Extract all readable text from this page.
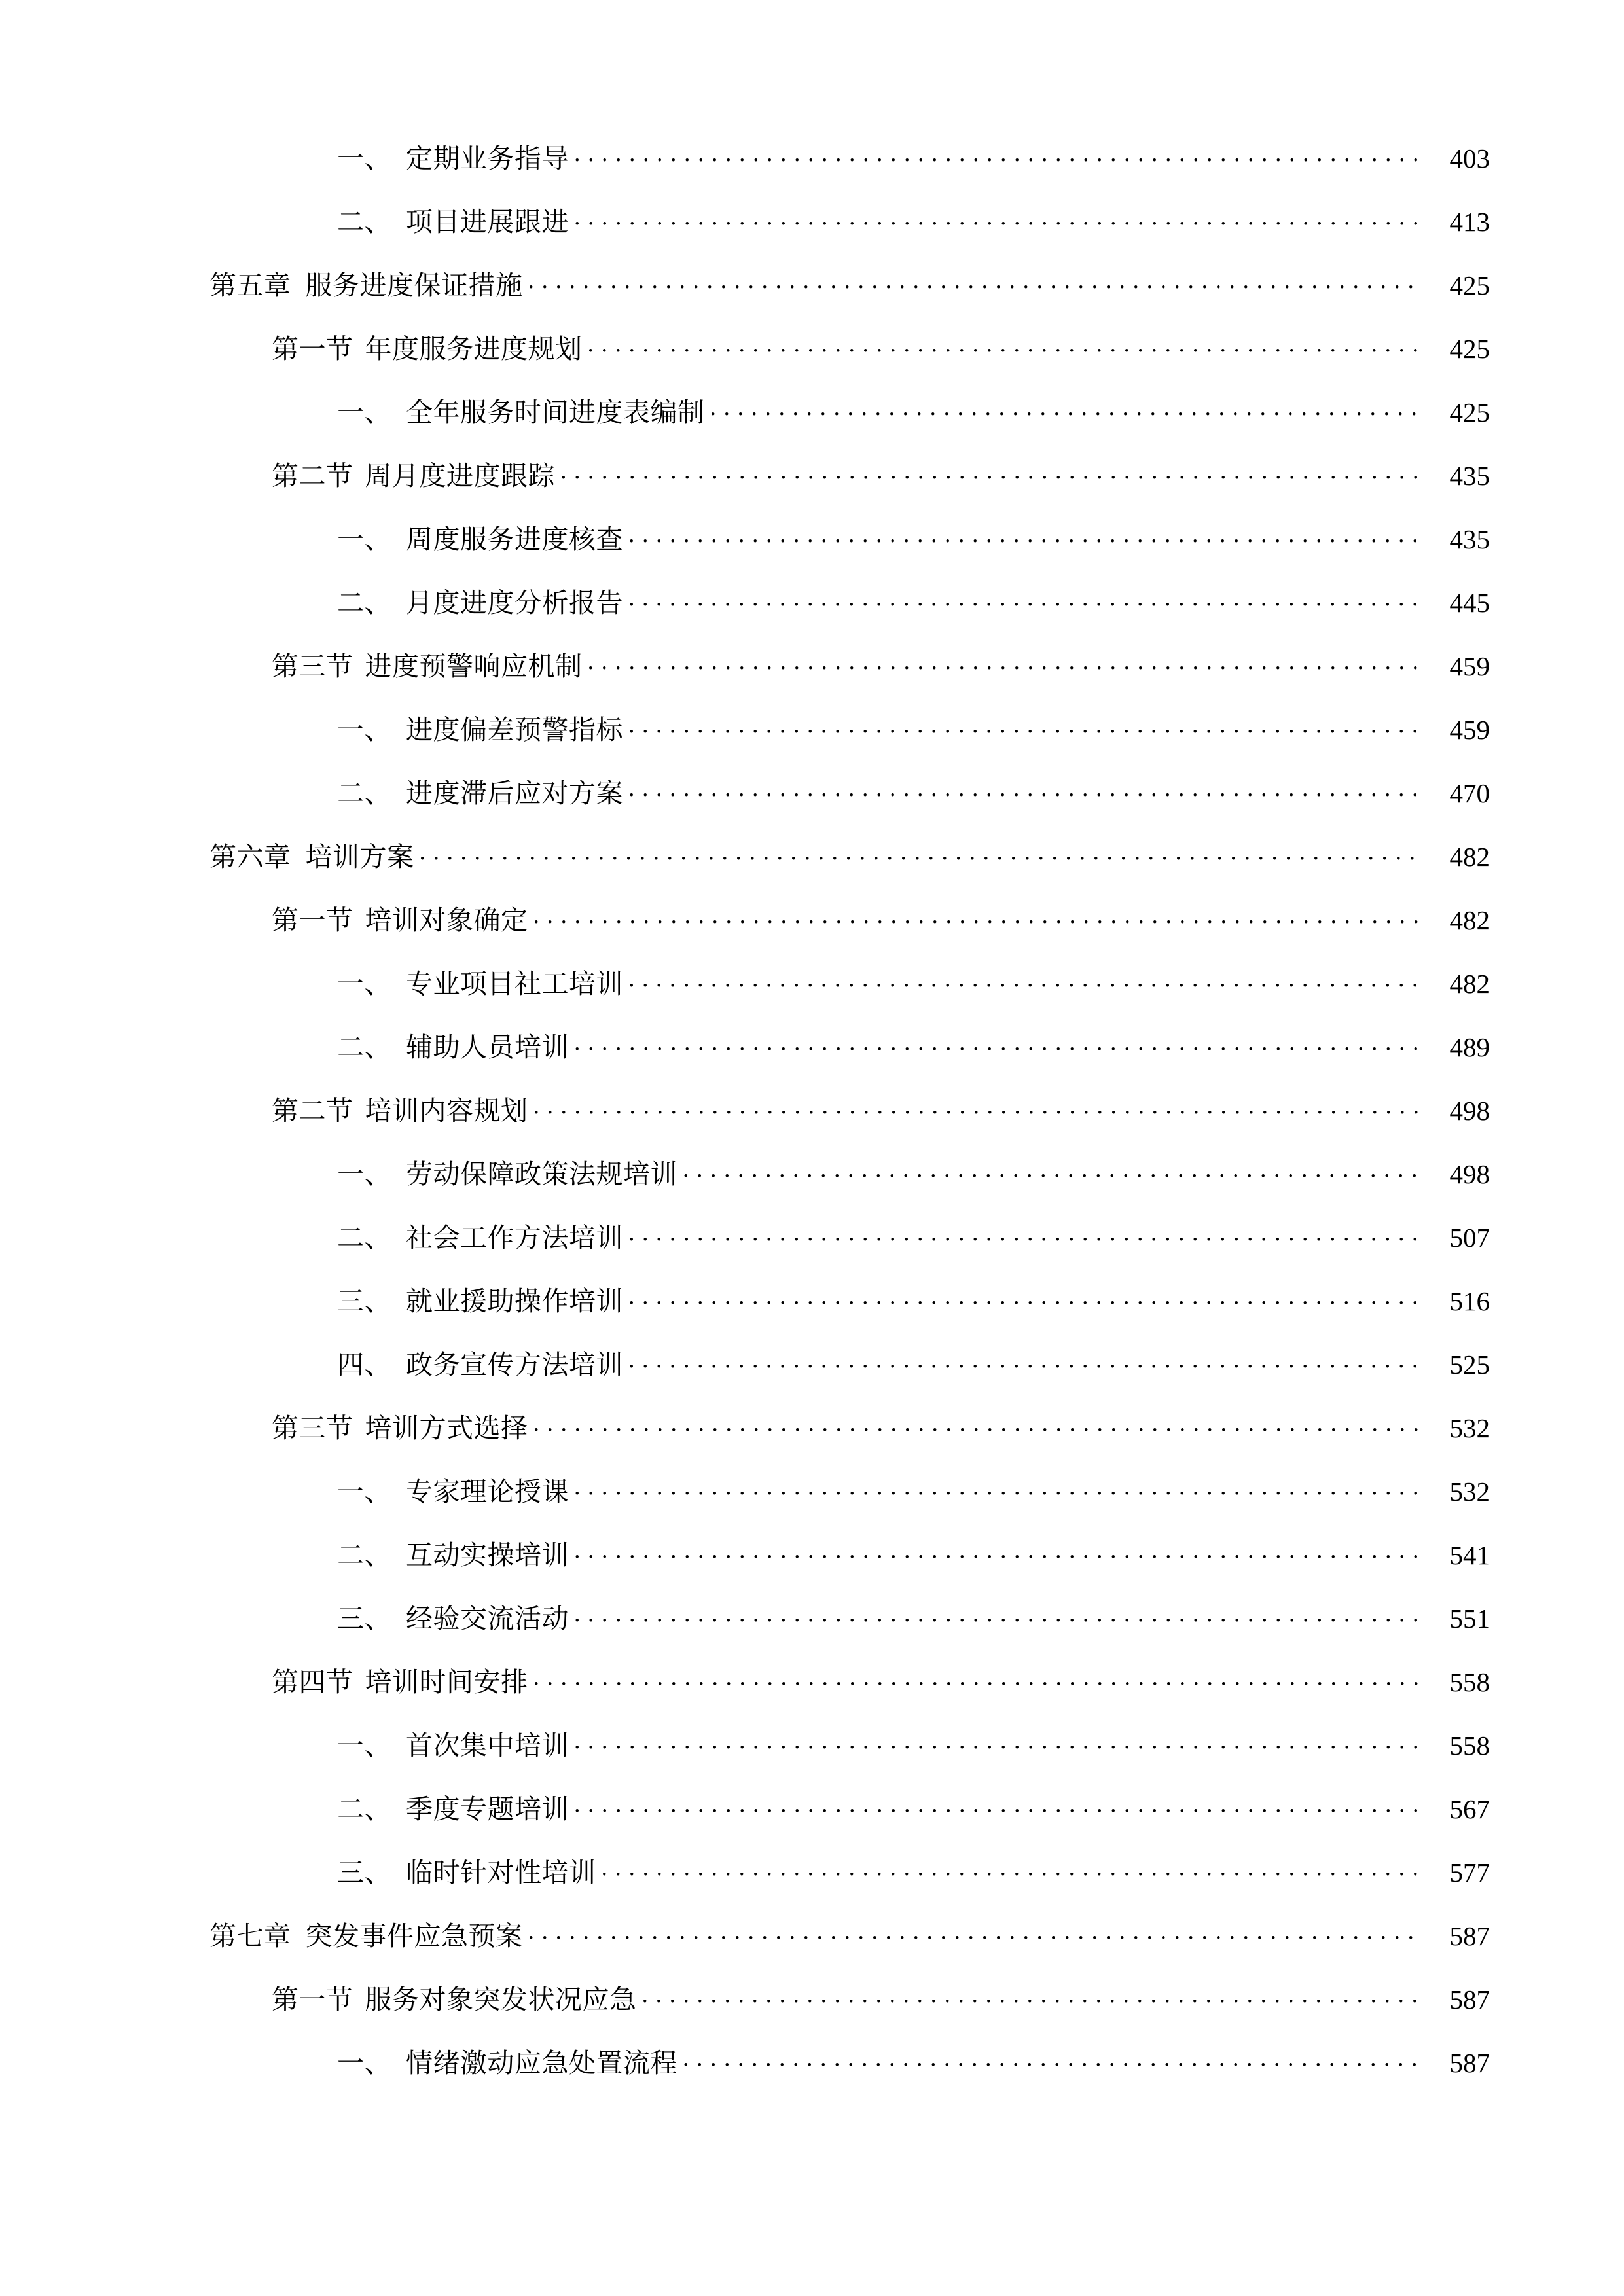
一、 定期业务指导 . . .	403
二、 项目进展跟进 . . .	413
第五章 服务进度保证措施 . . .	425
第一节 年度服务进度规划 . . .	425
一、 全年服务时间进度表编制 . . .	425
第二节 周月度进度跟踪 . . .	435
一、 周度服务进度核查 . . .	435
二、 月度进度分析报告 . . .	445
第三节 进度预警响应机制 . . .	459
一、 进度偏差预警指标 . . .	459
二、 进度滞后应对方案 . . .	470
第六章 培训方案 . . .	482
第一节 培训对象确定 . . .	482
一、 专业项目社工培训 . . .	482
二、 辅助人员培训 . . .	489
第二节 培训内容规划 . . .	498
一、 劳动保障政策法规培训 . . .	498
二、 社会工作方法培训 . . .	507
三、 就业援助操作培训 . . .	516
四、 政务宣传方法培训 . . .	525
第三节 培训方式选择 . . .	532
一、 专家理论授课 . . .	532
二、 互动实操培训 . . .	541
三、 经验交流活动 . . .	551
第四节 培训时间安排 . . .	558
一、 首次集中培训 . . .	558
二、 季度专题培训 . . .	567
三、 临时针对性培训 . . .	577
第七章 突发事件应急预案 . . .	587
第一节 服务对象突发状况应急 . . .	587
一、 情绪激动应急处置流程 . . .	587
